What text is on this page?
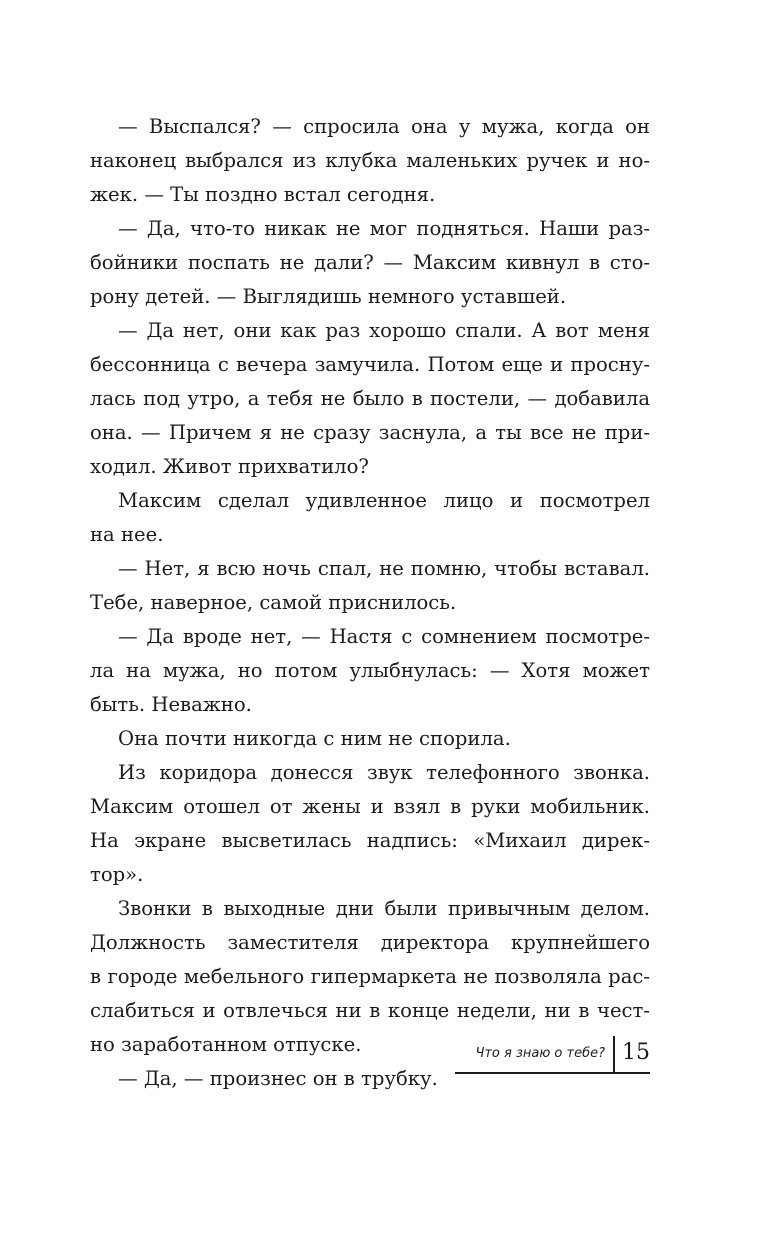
— Выспался? — спросила она у мужа, когда он
наконец выбрался из клубка маленьких ручек и но-
жек. — Ты поздно встал сегодня.
— Да, что-то никак не мог подняться. Наши раз-
бойники поспать не дали? — Максим кивнул в сто-
рону детей. — Выглядишь немного уставшей.
— Да нет, они как раз хорошо спали. А вот меня
бессонница с вечера замучила. Потом еще и просну-
лась под утро, а тебя не было в постели, — добавила
она. — Причем я не сразу заснула, а ты все не при-
ходил. Живот прихватило?
Максим сделал удивленное лицо и посмотрел
на нее.
— Нет, я всю ночь спал, не помню, чтобы вставал.
Тебе, наверное, самой приснилось.
— Да вроде нет, — Настя с сомнением посмотре-
ла на мужа, но потом улыбнулась: — Хотя может
быть. Неважно.
Она почти никогда с ним не спорила.
Из коридора донесся звук телефонного звонка.
Максим отошел от жены и взял в руки мобильник.
На экране высветилась надпись: «Михаил дирек-
тор».
Звонки в выходные дни были привычным делом.
Должность заместителя директора крупнейшего
в городе мебельного гипермаркета не позволяла рас-
слабиться и отвлечься ни в конце недели, ни в чест-
но заработанном отпуске.
— Да, — произнес он в трубку.
Что я знаю о тебе? 15
